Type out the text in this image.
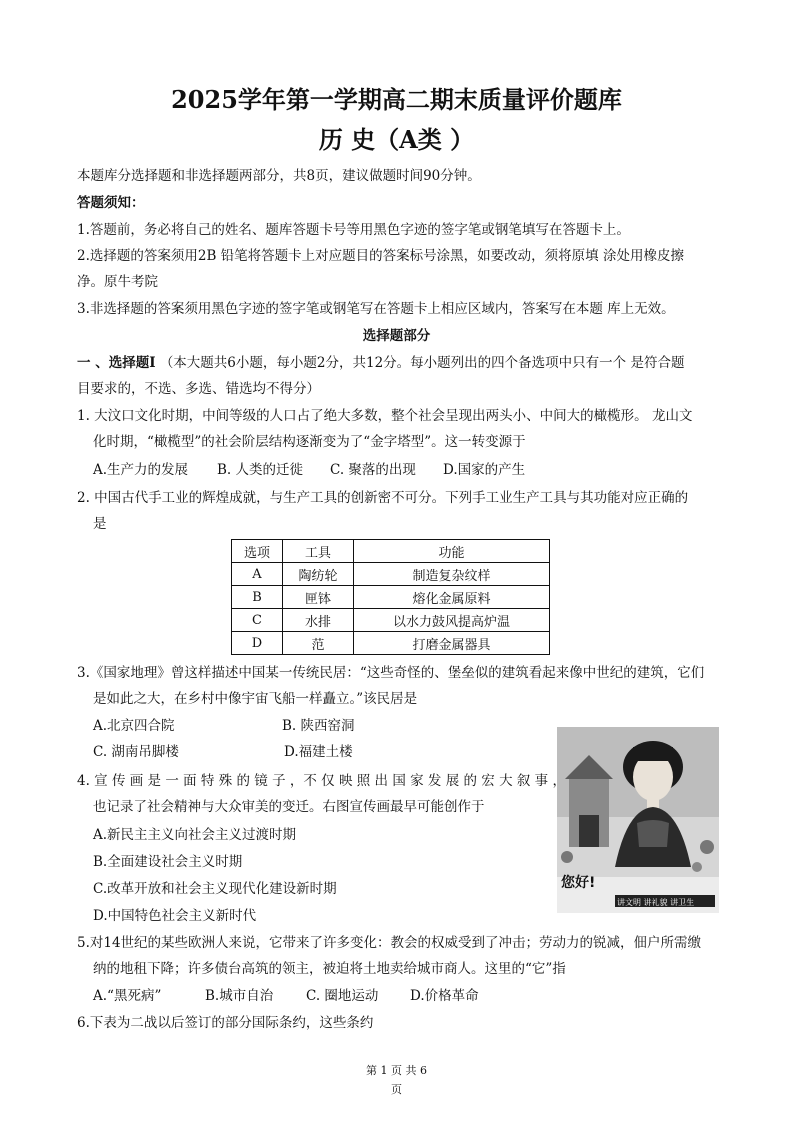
2025学年第一学期高二期末质量评价题库
历 史（A类 ）
本题库分选择题和非选择题两部分，共8页，建议做题时间90分钟。
答题须知：
1.答题前，务必将自己的姓名、题库答题卡号等用黑色字迹的签字笔或钢笔填写在答题卡上。
2.选择题的答案须用2B 铅笔将答题卡上对应题目的答案标号涂黑，如要改动，须将原填 涂处用橡皮擦
净。原牛考院
3.非选择题的答案须用黑色字迹的签字笔或钢笔写在答题卡上相应区域内，答案写在本题 库上无效。
选择题部分
一 、选择题I （本大题共6小题，每小题2分，共12分。每小题列出的四个备选项中只有一个 是符合题
目要求的，不选、多选、错选均不得分）
1. 大汶口文化时期，中间等级的人口占了绝大多数，整个社会呈现出两头小、中间大的橄榄形。 龙山文
化时期，“橄榄型”的社会阶层结构逐渐变为了“金字塔型”。这一转变源于
A.生产力的发展 B. 人类的迁徙 C. 聚落的出现 D.国家的产生
2. 中国古代手工业的辉煌成就，与生产工具的创新密不可分。下列手工业生产工具与其功能对应正确的
是
选项	工具	功能
A	陶纺轮	制造复杂纹样
B	匣钵	熔化金属原料
C	水排	以水力鼓风提高炉温
D	范	打磨金属器具
3.《国家地理》曾这样描述中国某一传统民居：“这些奇怪的、堡垒似的建筑看起来像中世纪的建筑，它们
是如此之大，在乡村中像宇宙飞船一样矗立。”该民居是
A.北京四合院	B. 陕西窑洞
C. 湖南吊脚楼	D.福建土楼
您好!
讲文明 讲礼貌 讲卫生
4. 宣 传 画 是 一 面 特 殊 的 镜 子 ，不 仅 映 照 出 国 家 发 展 的 宏 大 叙 事 ，
也记录了社会精神与大众审美的变迁。右图宣传画最早可能创作于
A.新民主主义向社会主义过渡时期
B.全面建设社会主义时期
C.改革开放和社会主义现代化建设新时期
D.中国特色社会主义新时代
5.对14世纪的某些欧洲人来说，它带来了许多变化：教会的权威受到了冲击；劳动力的锐减，佃户所需缴
纳的地租下降；许多债台高筑的领主，被迫将土地卖给城市商人。这里的“它”指
A.“黑死病”	B.城市自治 C. 圈地运动 D.价格革命
6.下表为二战以后签订的部分国际条约，这些条约
第 1 页 共 6
页
